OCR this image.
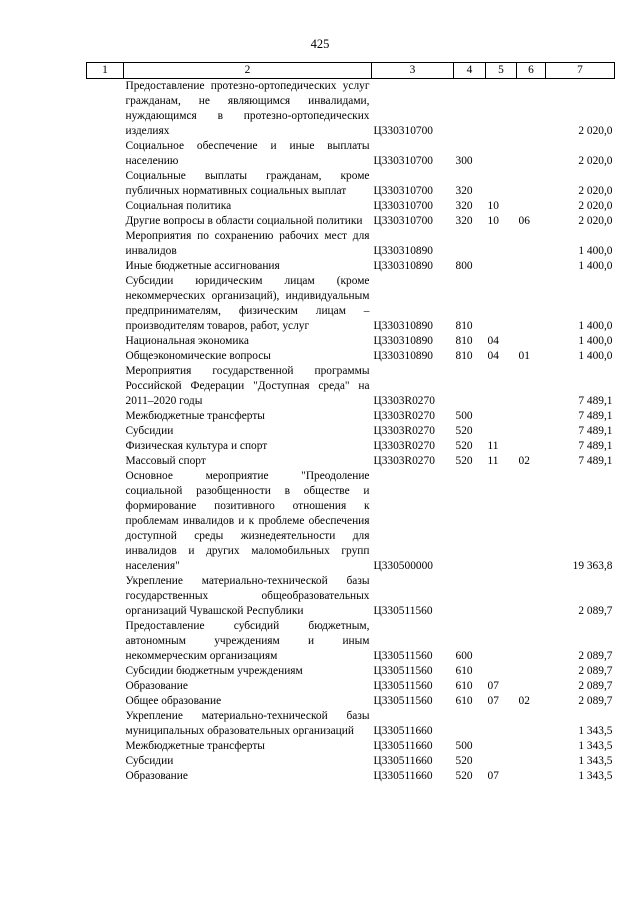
425
1	2	3	4	5	6	7
	Предоставление протезно-ортопедических услуг гражданам, не являющимся инвалидами, нуждающимся в протезно-ортопедических изделиях	Ц330310700				2 020,0
	Социальное обеспечение и иные выплаты населению	Ц330310700	300			2 020,0
	Социальные выплаты гражданам, кроме публичных нормативных социальных выплат	Ц330310700	320			2 020,0
	Социальная политика	Ц330310700	320	10		2 020,0
	Другие вопросы в области социальной политики	Ц330310700	320	10	06	2 020,0
	Мероприятия по сохранению рабочих мест для инвалидов	Ц330310890				1 400,0
	Иные бюджетные ассигнования	Ц330310890	800			1 400,0
	Субсидии юридическим лицам (кроме некоммерческих организаций), индивидуальным предпринимателям, физическим лицам – производителям товаров, работ, услуг	Ц330310890	810			1 400,0
	Национальная экономика	Ц330310890	810	04		1 400,0
	Общеэкономические вопросы	Ц330310890	810	04	01	1 400,0
	Мероприятия государственной программы Российской Федерации "Доступная среда" на 2011–2020 годы	Ц3303R0270				7 489,1
	Межбюджетные трансферты	Ц3303R0270	500			7 489,1
	Субсидии	Ц3303R0270	520			7 489,1
	Физическая культура и спорт	Ц3303R0270	520	11		7 489,1
	Массовый спорт	Ц3303R0270	520	11	02	7 489,1
	Основное мероприятие "Преодоление социальной разобщенности в обществе и формирование позитивного отношения к проблемам инвалидов и к проблеме обеспечения доступной среды жизнедеятельности для инвалидов и других маломобильных групп населения"	Ц330500000				19 363,8
	Укрепление материально-технической базы государственных общеобразовательных организаций Чувашской Республики	Ц330511560				2 089,7
	Предоставление субсидий бюджетным, автономным учреждениям и иным некоммерческим организациям	Ц330511560	600			2 089,7
	Субсидии бюджетным учреждениям	Ц330511560	610			2 089,7
	Образование	Ц330511560	610	07		2 089,7
	Общее образование	Ц330511560	610	07	02	2 089,7
	Укрепление материально-технической базы муниципальных образовательных организаций	Ц330511660				1 343,5
	Межбюджетные трансферты	Ц330511660	500			1 343,5
	Субсидии	Ц330511660	520			1 343,5
	Образование	Ц330511660	520	07		1 343,5
